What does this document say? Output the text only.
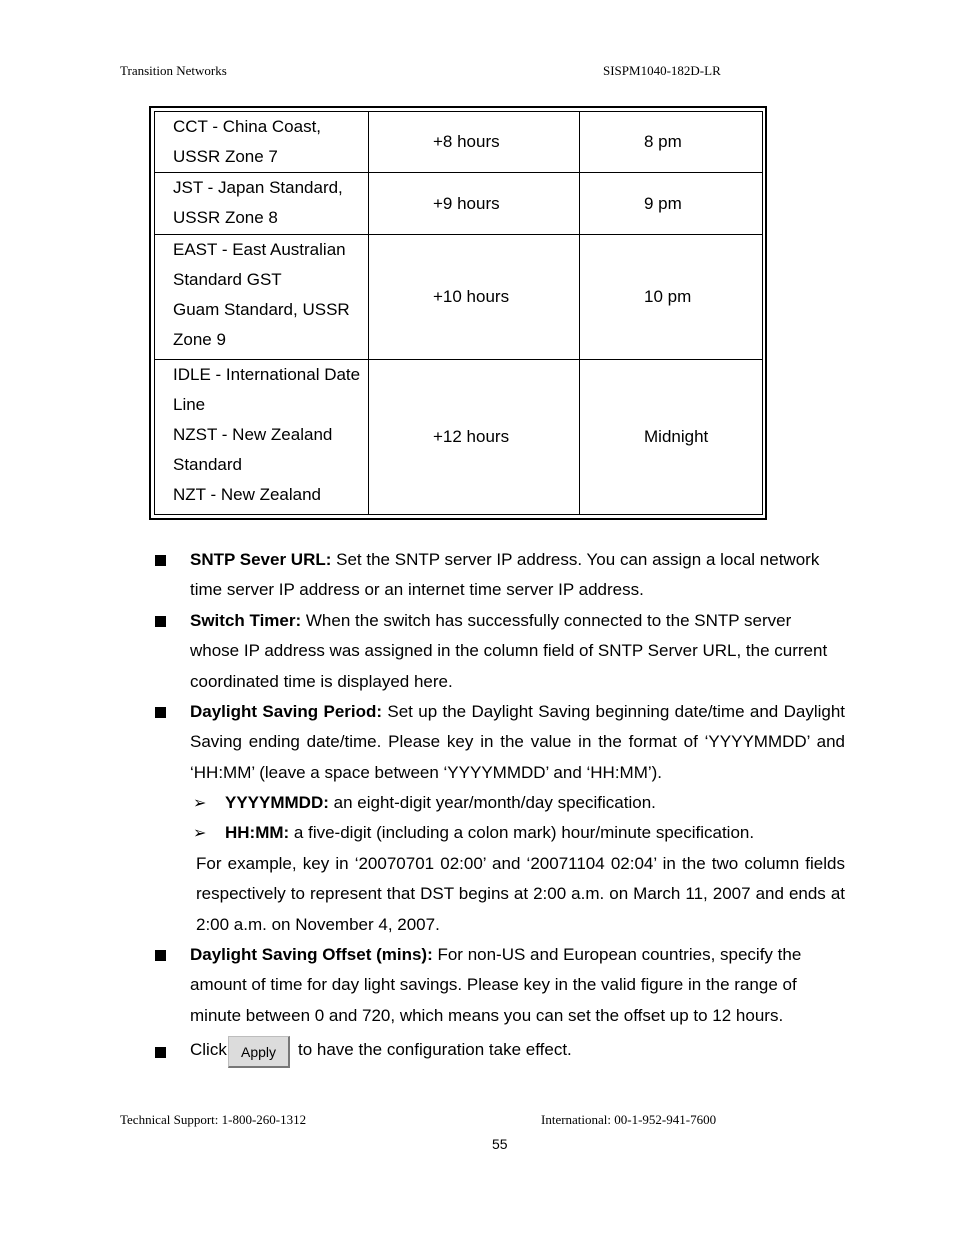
Transition Networks	SISPM1040-182D-LR
CCT - China Coast,
USSR Zone 7	+8 hours	8 pm

JST - Japan Standard,
USSR Zone 8	+9 hours	9 pm

EAST - East Australian
Standard GST
Guam Standard, USSR
Zone 9	+10 hours	10 pm

IDLE - International Date
Line
NZST - New Zealand
Standard
NZT - New Zealand	+12 hours	Midnight
SNTP Sever URL: Set the SNTP server IP address. You can assign a local network time server IP address or an internet time server IP address.
Switch Timer: When the switch has successfully connected to the SNTP server whose IP address was assigned in the column field of SNTP Server URL, the current coordinated time is displayed here.
Daylight Saving Period: Set up the Daylight Saving beginning date/time and Daylight Saving ending date/time. Please key in the value in the format of ‘YYYYMMDD’ and ‘HH:MM’ (leave a space between ‘YYYYMMDD’ and ‘HH:MM’).
➢ YYYYMMDD: an eight-digit year/month/day specification.
➢ HH:MM: a five-digit (including a colon mark) hour/minute specification.
For example, key in ‘20070701 02:00’ and ‘20071104 02:04’ in the two column fields respectively to represent that DST begins at 2:00 a.m. on March 11, 2007 and ends at 2:00 a.m. on November 4, 2007.
Daylight Saving Offset (mins): For non-US and European countries, specify the amount of time for day light savings. Please key in the valid figure in the range of minute between 0 and 720, which means you can set the offset up to 12 hours.
Click	Apply	to have the configuration take effect.
Technical Support: 1-800-260-1312	International: 00-1-952-941-7600
55
